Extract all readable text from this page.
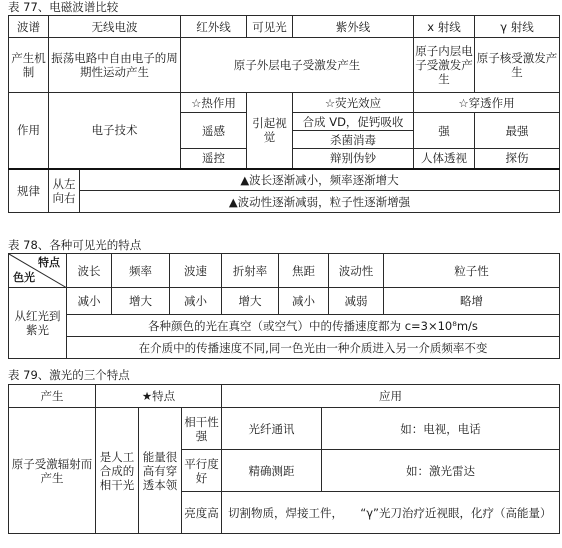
表 77、电磁波谱比较
波谱	无线电波		红外线	可见光	紫外线	x 射线	γ 射线
产生机制	振荡电路中自由电子的周期性运动产生		原子外层电子受激发产生			原子内层电子受激发产生	原子核受激发产生
作用	电子技术		☆热作用	引起视觉	☆荧光效应	☆穿透作用	
			遥感		合成 VD，促钙吸收	强	最强
					杀菌消毒		
			遥控		辩别伪钞	人体透视	探伤
规律	从左向右	▲波长逐渐减小，频率逐渐增大					
		▲波动性逐渐减弱，粒子性逐渐增强					
表 78、各种可见光的特点
特点
色光	波长	频率	波速	折射率	焦距	波动性	粒子性
从红光到紫光	减小	增大	减小	增大	减小	减弱	略增
	各种颜色的光在真空（或空气）中的传播速度都为 c=3×10⁸m/s						
	在介质中的传播速度不同,同一色光由一种介质进入另一介质频率不变						
表 79、激光的三个特点
产生	★特点			应用	
原子受激辐射而产生	是人工合成的相干光	能量很高有穿透本领	相干性强	光纤通讯	如：电视，电话
			平行度好	精确测距	如：激光雷达
			亮度高	切割物质，焊接工件，　　“γ”光刀治疗近视眼，化疗（高能量）	
